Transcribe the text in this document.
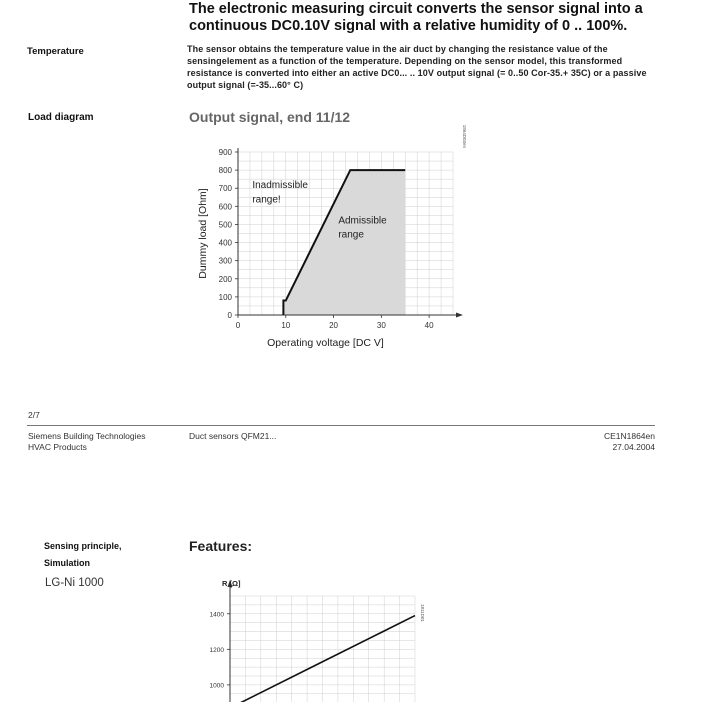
The electronic measuring circuit converts the sensor signal into a continuous DC0.10V signal with a relative humidity of 0 .. 100%.
Temperature	The sensor obtains the temperature value in the air duct by changing the resistance value of the sensingelement as a function of the temperature. Depending on the sensor model, this transformed resistance is converted into either an active DC0... .. 10V output signal (= 0..50 Cor-35.+ 35C) or a passive output signal (=-35...60° C)
Load diagram	Output signal, end 11/12
0	10	20	30	40
0
100
200
300
400
500
600
700
800
900
Operating voltage [DC V]
Dummy load [Ohm]
Inadmissible
range!
Admissible
range
1864D03en
2/7
Siemens Building Technologies
HVAC Products
Duct sensors QFM21...	CE1N1864en
27.04.2004
Sensing principle,
Simulation
LG-Ni 1000
Features:
1000
1200
1400
R [Ω]
1811D01
